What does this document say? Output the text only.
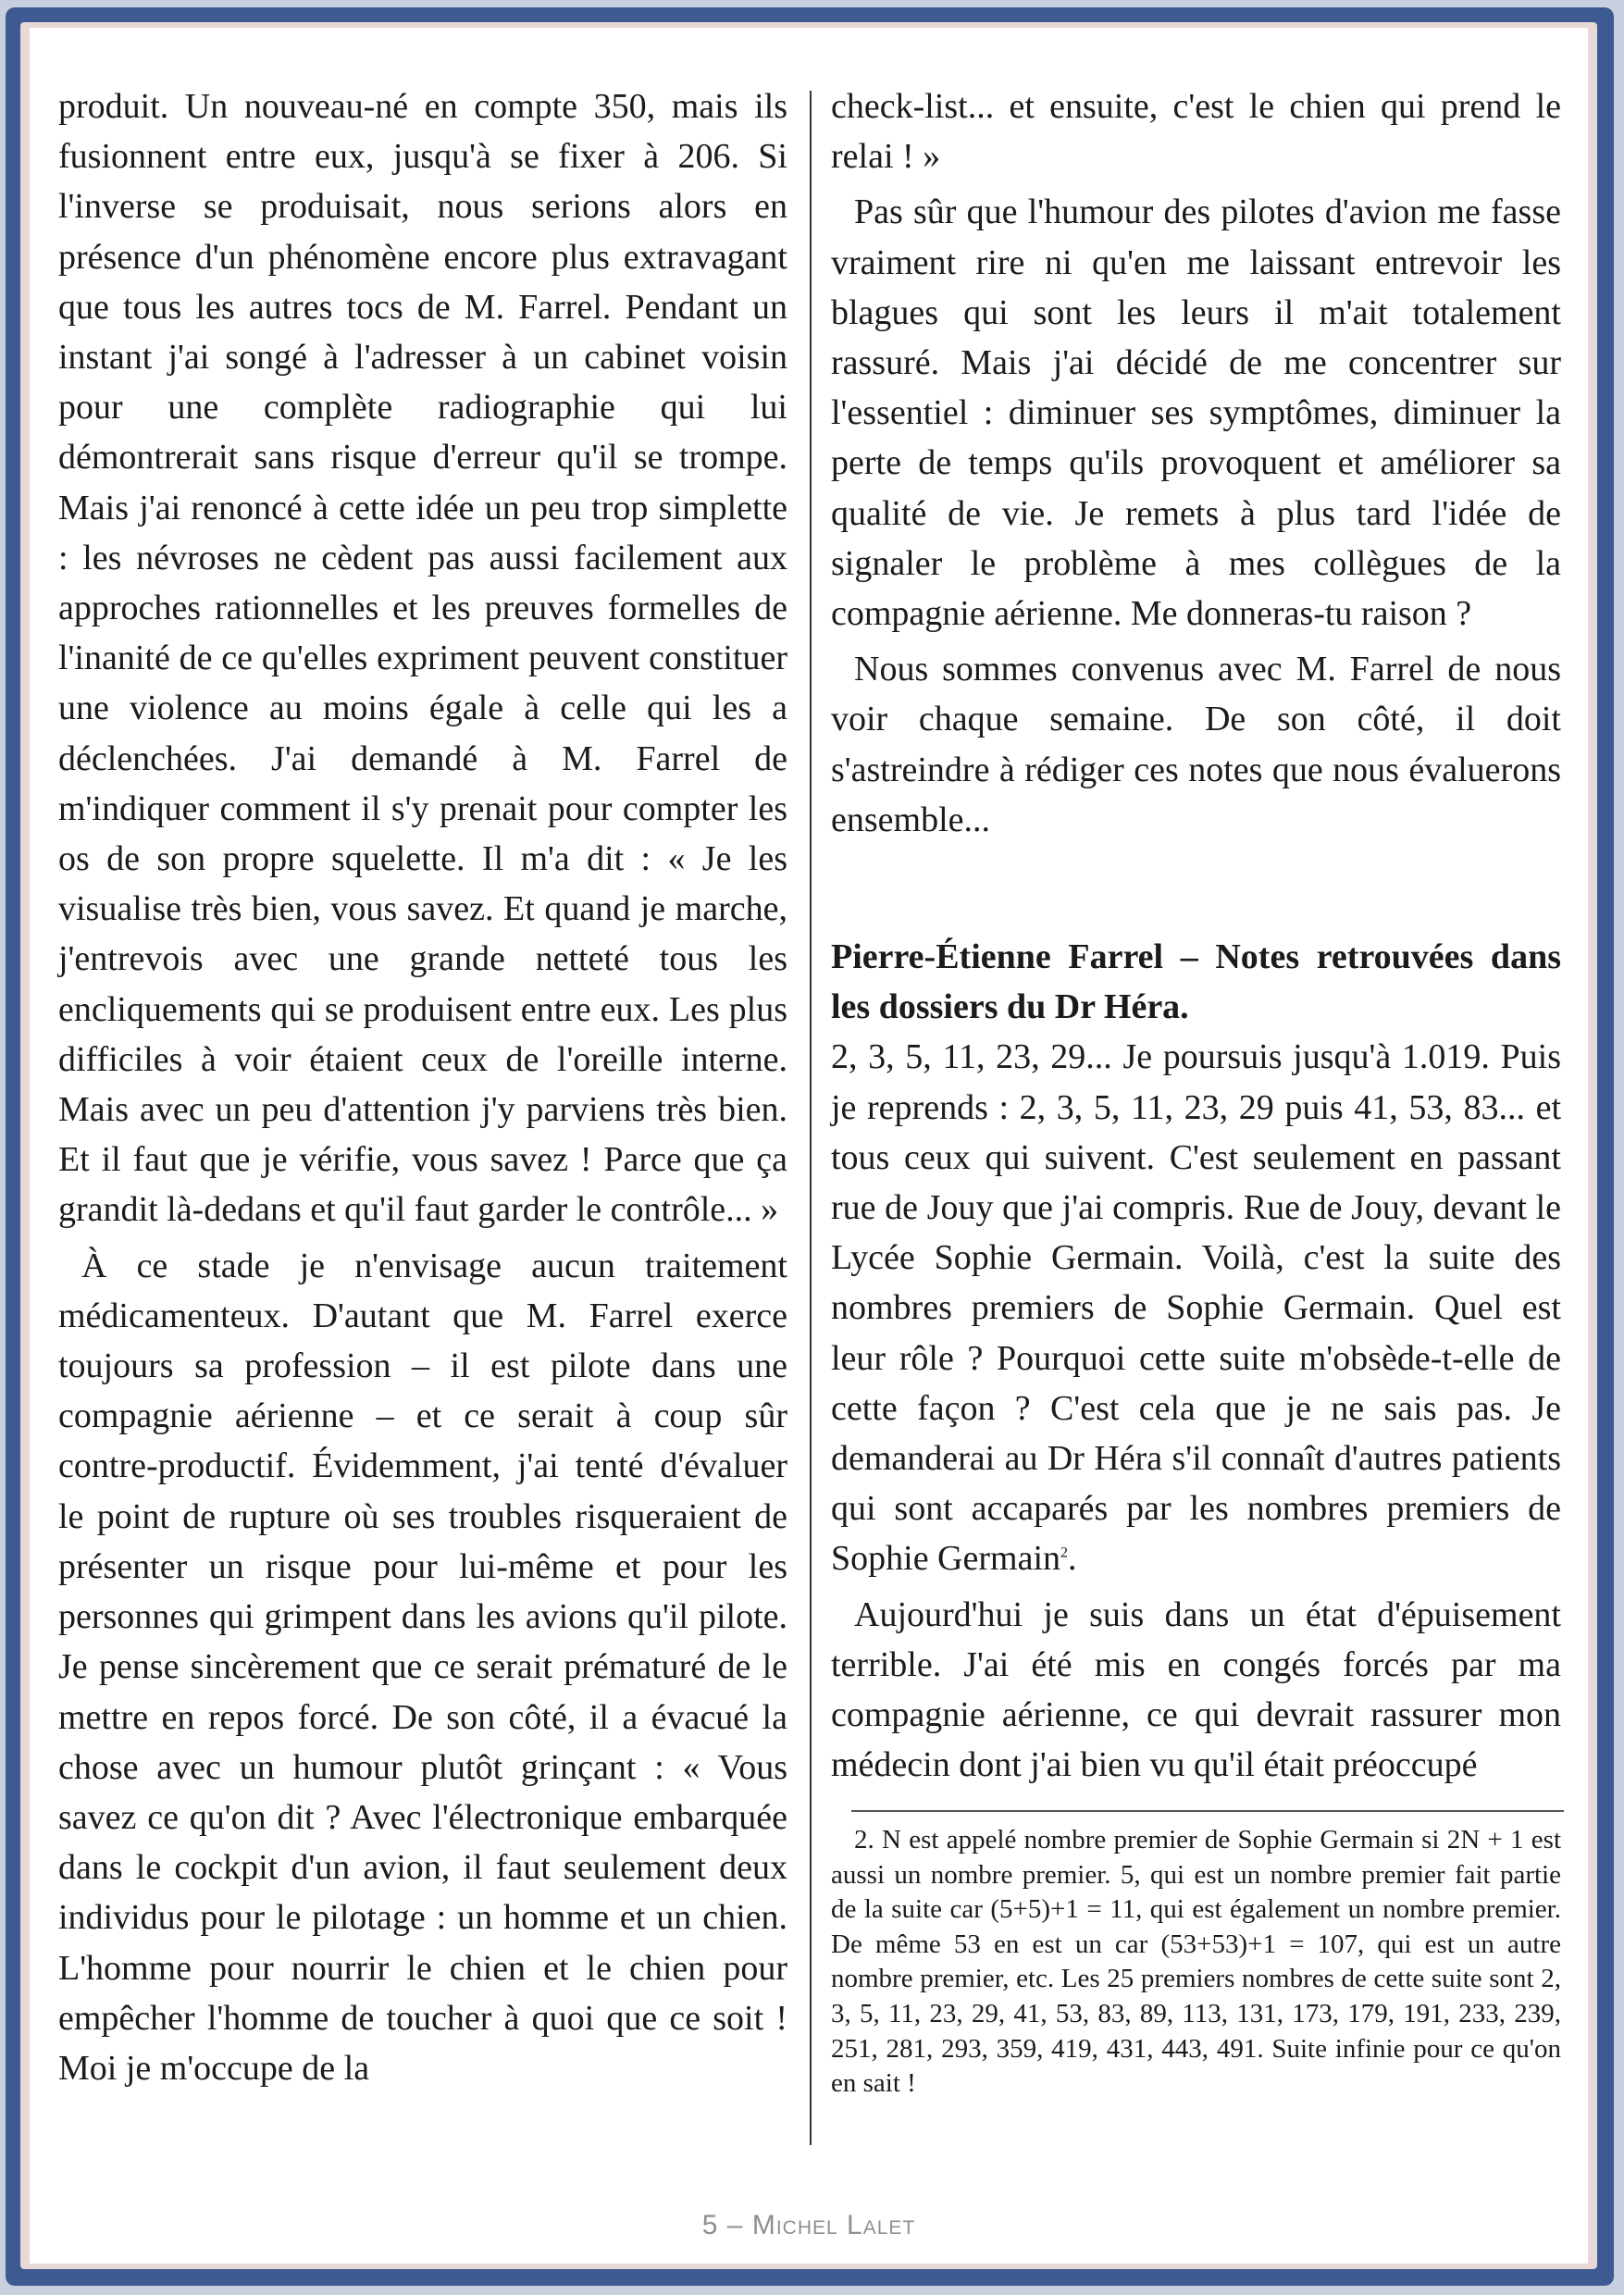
produit. Un nouveau-né en compte 350, mais ils fusionnent entre eux, jusqu'à se fixer à 206. Si l'inverse se produisait, nous serions alors en présence d'un phénomène encore plus extravagant que tous les autres tocs de M. Farrel. Pendant un instant j'ai songé à l'adresser à un cabinet voisin pour une complète radiographie qui lui démontrerait sans risque d'erreur qu'il se trompe. Mais j'ai renoncé à cette idée un peu trop simplette : les névroses ne cèdent pas aussi facilement aux approches rationnelles et les preuves formelles de l'inanité de ce qu'elles expriment peuvent constituer une violence au moins égale à celle qui les a déclenchées. J'ai demandé à M. Farrel de m'indiquer comment il s'y prenait pour compter les os de son propre squelette. Il m'a dit : « Je les visualise très bien, vous savez. Et quand je marche, j'entrevois avec une grande netteté tous les encliquements qui se produisent entre eux. Les plus difficiles à voir étaient ceux de l'oreille interne. Mais avec un peu d'attention j'y parviens très bien. Et il faut que je vérifie, vous savez ! Parce que ça grandit là-dedans et qu'il faut garder le contrôle... »

À ce stade je n'envisage aucun traitement médicamenteux. D'autant que M. Farrel exerce toujours sa profession – il est pilote dans une compagnie aérienne – et ce serait à coup sûr contre-productif. Évidemment, j'ai tenté d'évaluer le point de rupture où ses troubles risqueraient de présenter un risque pour lui-même et pour les personnes qui grimpent dans les avions qu'il pilote. Je pense sincèrement que ce serait prématuré de le mettre en repos forcé. De son côté, il a évacué la chose avec un humour plutôt grinçant : « Vous savez ce qu'on dit ? Avec l'électronique embarquée dans le cockpit d'un avion, il faut seulement deux individus pour le pilotage : un homme et un chien. L'homme pour nourrir le chien et le chien pour empêcher l'homme de toucher à quoi que ce soit ! Moi je m'occupe de la

check-list... et ensuite, c'est le chien qui prend le relai ! »

Pas sûr que l'humour des pilotes d'avion me fasse vraiment rire ni qu'en me laissant entrevoir les blagues qui sont les leurs il m'ait totalement rassuré. Mais j'ai décidé de me concentrer sur l'essentiel : diminuer ses symptômes, diminuer la perte de temps qu'ils provoquent et améliorer sa qualité de vie. Je remets à plus tard l'idée de signaler le problème à mes collègues de la compagnie aérienne. Me donneras-tu raison ?

Nous sommes convenus avec M. Farrel de nous voir chaque semaine. De son côté, il doit s'astreindre à rédiger ces notes que nous évaluerons ensemble...

Pierre-Étienne Farrel – Notes retrouvées dans les dossiers du Dr Héra.

2, 3, 5, 11, 23, 29... Je poursuis jusqu'à 1.019. Puis je reprends : 2, 3, 5, 11, 23, 29 puis 41, 53, 83... et tous ceux qui suivent. C'est seulement en passant rue de Jouy que j'ai compris. Rue de Jouy, devant le Lycée Sophie Germain. Voilà, c'est la suite des nombres premiers de Sophie Germain. Quel est leur rôle ? Pourquoi cette suite m'obsède-t-elle de cette façon ? C'est cela que je ne sais pas. Je demanderai au Dr Héra s'il connaît d'autres patients qui sont accaparés par les nombres premiers de Sophie Germain$^2$.

Aujourd'hui je suis dans un état d'épuisement terrible. J'ai été mis en congés forcés par ma compagnie aérienne, ce qui devrait rassurer mon médecin dont j'ai bien vu qu'il était préoccupé

2. N est appelé nombre premier de Sophie Germain si 2N + 1 est aussi un nombre premier. 5, qui est un nombre premier fait partie de la suite car (5+5)+1 = 11, qui est également un nombre premier. De même 53 en est un car (53+53)+1 = 107, qui est un autre nombre premier, etc. Les 25 premiers nombres de cette suite sont 2, 3, 5, 11, 23, 29, 41, 53, 83, 89, 113, 131, 173, 179, 191, 233, 239, 251, 281, 293, 359, 419, 431, 443, 491. Suite infinie pour ce qu'on en sait !

5 – Michel Lalet
